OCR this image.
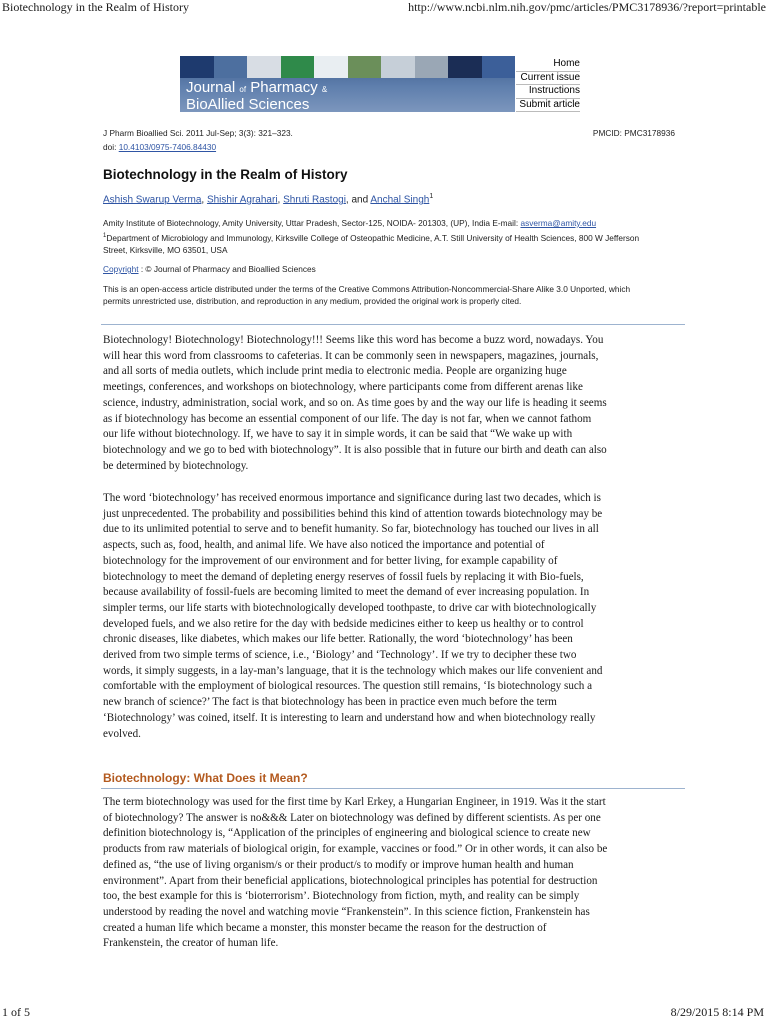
Biotechnology in the Realm of History	http://www.ncbi.nlm.nih.gov/pmc/articles/PMC3178936/?report=printable
Journal of Pharmacy &
BioAllied Sciences
Home
Current issue
Instructions
Submit article
J Pharm Bioallied Sci. 2011 Jul-Sep; 3(3): 321–323.	PMCID: PMC3178936
doi: 10.4103/0975-7406.84430
Biotechnology in the Realm of History
Ashish Swarup Verma, Shishir Agrahari, Shruti Rastogi, and Anchal Singh$^1$
Amity Institute of Biotechnology, Amity University, Uttar Pradesh, Sector-125, NOIDA- 201303, (UP), India E-mail: asverma@amity.edu
$^1$Department of Microbiology and Immunology, Kirksville College of Osteopathic Medicine, A.T. Still University of Health Sciences, 800 W Jefferson
Street, Kirksville, MO 63501, USA
Copyright : © Journal of Pharmacy and Bioallied Sciences
This is an open-access article distributed under the terms of the Creative Commons Attribution-Noncommercial-Share Alike 3.0 Unported, which
permits unrestricted use, distribution, and reproduction in any medium, provided the original work is properly cited.
Biotechnology! Biotechnology! Biotechnology!!! Seems like this word has become a buzz word, nowadays. You
will hear this word from classrooms to cafeterias. It can be commonly seen in newspapers, magazines, journals,
and all sorts of media outlets, which include print media to electronic media. People are organizing huge
meetings, conferences, and workshops on biotechnology, where participants come from different arenas like
science, industry, administration, social work, and so on. As time goes by and the way our life is heading it seems
as if biotechnology has become an essential component of our life. The day is not far, when we cannot fathom
our life without biotechnology. If, we have to say it in simple words, it can be said that “We wake up with
biotechnology and we go to bed with biotechnology”. It is also possible that in future our birth and death can also
be determined by biotechnology.
The word ‘biotechnology’ has received enormous importance and significance during last two decades, which is
just unprecedented. The probability and possibilities behind this kind of attention towards biotechnology may be
due to its unlimited potential to serve and to benefit humanity. So far, biotechnology has touched our lives in all
aspects, such as, food, health, and animal life. We have also noticed the importance and potential of
biotechnology for the improvement of our environment and for better living, for example capability of
biotechnology to meet the demand of depleting energy reserves of fossil fuels by replacing it with Bio-fuels,
because availability of fossil-fuels are becoming limited to meet the demand of ever increasing population. In
simpler terms, our life starts with biotechnologically developed toothpaste, to drive car with biotechnologically
developed fuels, and we also retire for the day with bedside medicines either to keep us healthy or to control
chronic diseases, like diabetes, which makes our life better. Rationally, the word ‘biotechnology’ has been
derived from two simple terms of science, i.e., ‘Biology’ and ‘Technology’. If we try to decipher these two
words, it simply suggests, in a lay-man’s language, that it is the technology which makes our life convenient and
comfortable with the employment of biological resources. The question still remains, ‘Is biotechnology such a
new branch of science?’ The fact is that biotechnology has been in practice even much before the term
‘Biotechnology’ was coined, itself. It is interesting to learn and understand how and when biotechnology really
evolved.
Biotechnology: What Does it Mean?
The term biotechnology was used for the first time by Karl Erkey, a Hungarian Engineer, in 1919. Was it the start
of biotechnology? The answer is no&&& Later on biotechnology was defined by different scientists. As per one
definition biotechnology is, “Application of the principles of engineering and biological science to create new
products from raw materials of biological origin, for example, vaccines or food.” Or in other words, it can also be
defined as, “the use of living organism/s or their product/s to modify or improve human health and human
environment”. Apart from their beneficial applications, biotechnological principles has potential for destruction
too, the best example for this is ‘bioterrorism’. Biotechnology from fiction, myth, and reality can be simply
understood by reading the novel and watching movie “Frankenstein”. In this science fiction, Frankenstein has
created a human life which became a monster, this monster became the reason for the destruction of
Frankenstein, the creator of human life.
1 of 5	8/29/2015 8:14 PM
